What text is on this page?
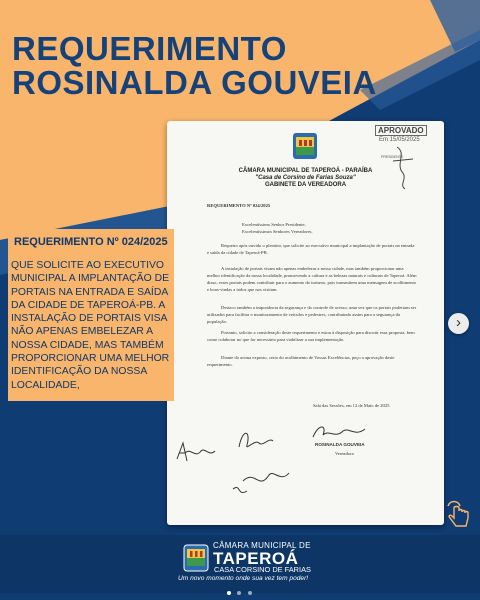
REQUERIMENTO
ROSINALDA GOUVEIA
APROVADO
Em 15/05/2025
PRESIDENTE
CÂMARA MUNICIPAL DE TAPEROÁ - PARAÍBA
"Casa de Corsino de Farias Souza"
GABINETE DA VEREADORA
REQUERIMENTO Nº 024/2025
Excelentíssimo Senhor Presidente,
Excelentíssimos Senhores Vereadores,
Requeiro após ouvido o plenário, que solicite ao executivo municipal a implantação de portais na entrada e saída da cidade de Taperoá-PB.
A instalação de portais visam não apenas embelezar a nossa cidade, mas também proporcionar uma melhor identificação da nossa localidade, promovendo a cultura e as belezas naturais e culturais de Taperoá. Além disso, esses portais podem contribuir para o aumento do turismo, pois transmitem uma mensagem de acolhimento e boas-vindas a todos que nos visitam.
Destaco também a importância da segurança e do controle de acesso, uma vez que os portais poderiam ser utilizados para facilitar o monitoramento de veículos e pedestres, contribuindo assim para a segurança da população.
Portanto, solicito a consideração deste requerimento e estou à disposição para discutir essa proposta, bem como colaborar no que for necessário para viabilizar a sua implementação.
Diante do acima exposto, certo do acolhimento de Vossas Excelências, peço a aprovação deste requerimento.
Sala das Sessões, em 12 de Maio de 2025.
ROSINALDA GOUVEIA
Vereadora
REQUERIMENTO Nº 024/2025
QUE SOLICITE AO EXECUTIVO MUNICIPAL A IMPLANTAÇÃO DE PORTAIS NA ENTRADA E SAÍDA DA CIDADE DE TAPEROÁ-PB. A INSTALAÇÃO DE PORTAIS VISA NÃO APENAS EMBELEZAR A NOSSA CIDADE, MAS TAMBÉM PROPORCIONAR UMA MELHOR IDENTIFICAÇÃO DA NOSSA LOCALIDADE,
›
CÂMARA MUNICIPAL DE
TAPEROÁ
CASA CORSINO DE FARIAS
Um novo momento onde sua vez tem poder!
